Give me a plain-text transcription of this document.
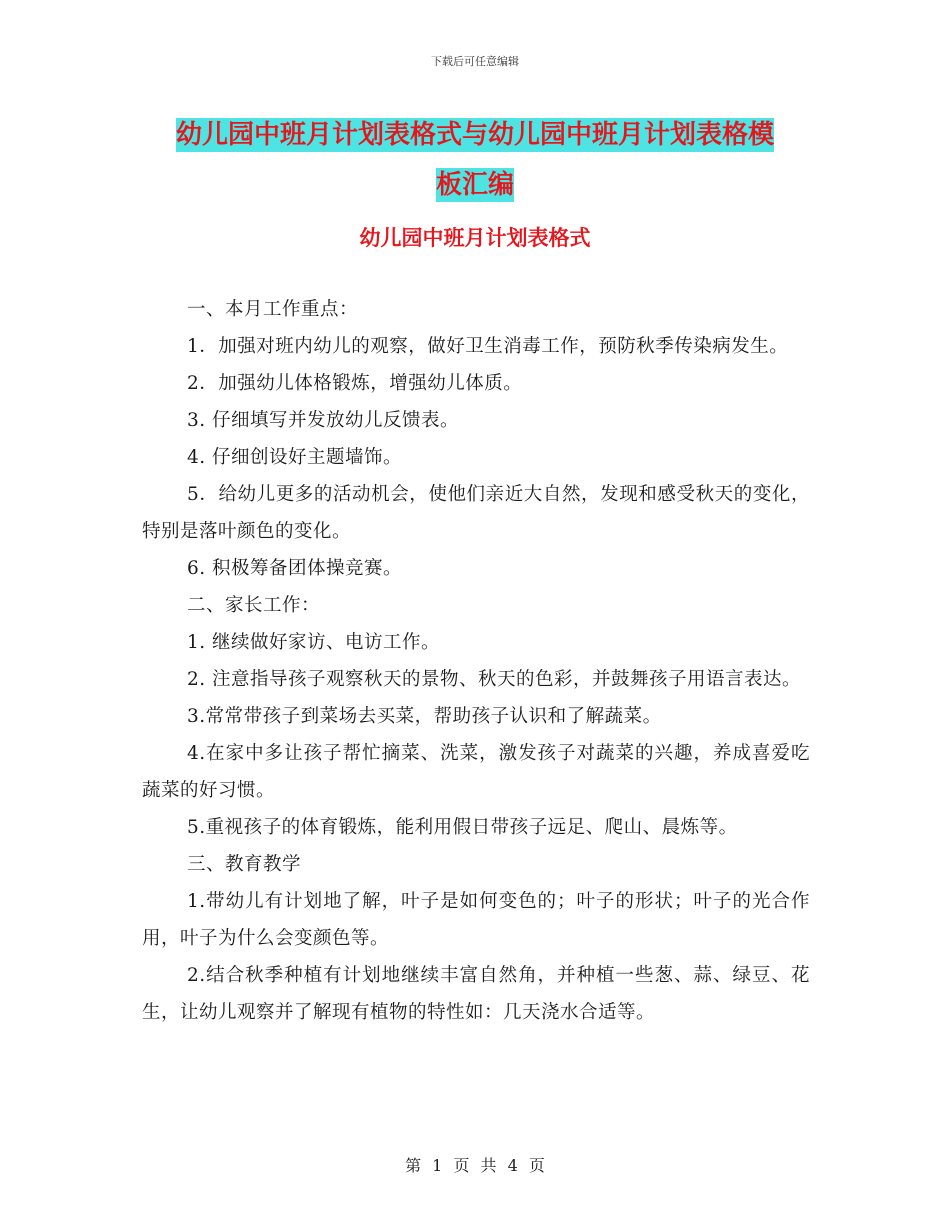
下载后可任意编辑
幼儿园中班月计划表格式与幼儿园中班月计划表格模
板汇编
幼儿园中班月计划表格式

一、本月工作重点：

1．加强对班内幼儿的观察，做好卫生消毒工作，预防秋季传染病发生。

2．加强幼儿体格锻炼，增强幼儿体质。

3. 仔细填写并发放幼儿反馈表。

4. 仔细创设好主题墙饰。

5．给幼儿更多的活动机会，使他们亲近大自然，发现和感受秋天的变化，特别是落叶颜色的变化。

6. 积极筹备团体操竞赛。

二、家长工作：

1. 继续做好家访、电访工作。

2. 注意指导孩子观察秋天的景物、秋天的色彩，并鼓舞孩子用语言表达。

3.常常带孩子到菜场去买菜，帮助孩子认识和了解蔬菜。

4.在家中多让孩子帮忙摘菜、洗菜，激发孩子对蔬菜的兴趣，养成喜爱吃蔬菜的好习惯。

5.重视孩子的体育锻炼，能利用假日带孩子远足、爬山、晨炼等。

三、教育教学

1.带幼儿有计划地了解，叶子是如何变色的；叶子的形状；叶子的光合作用，叶子为什么会变颜色等。

2.结合秋季种植有计划地继续丰富自然角，并种植一些葱、蒜、绿豆、花生，让幼儿观察并了解现有植物的特性如：几天浇水合适等。

第 1 页 共 4 页
